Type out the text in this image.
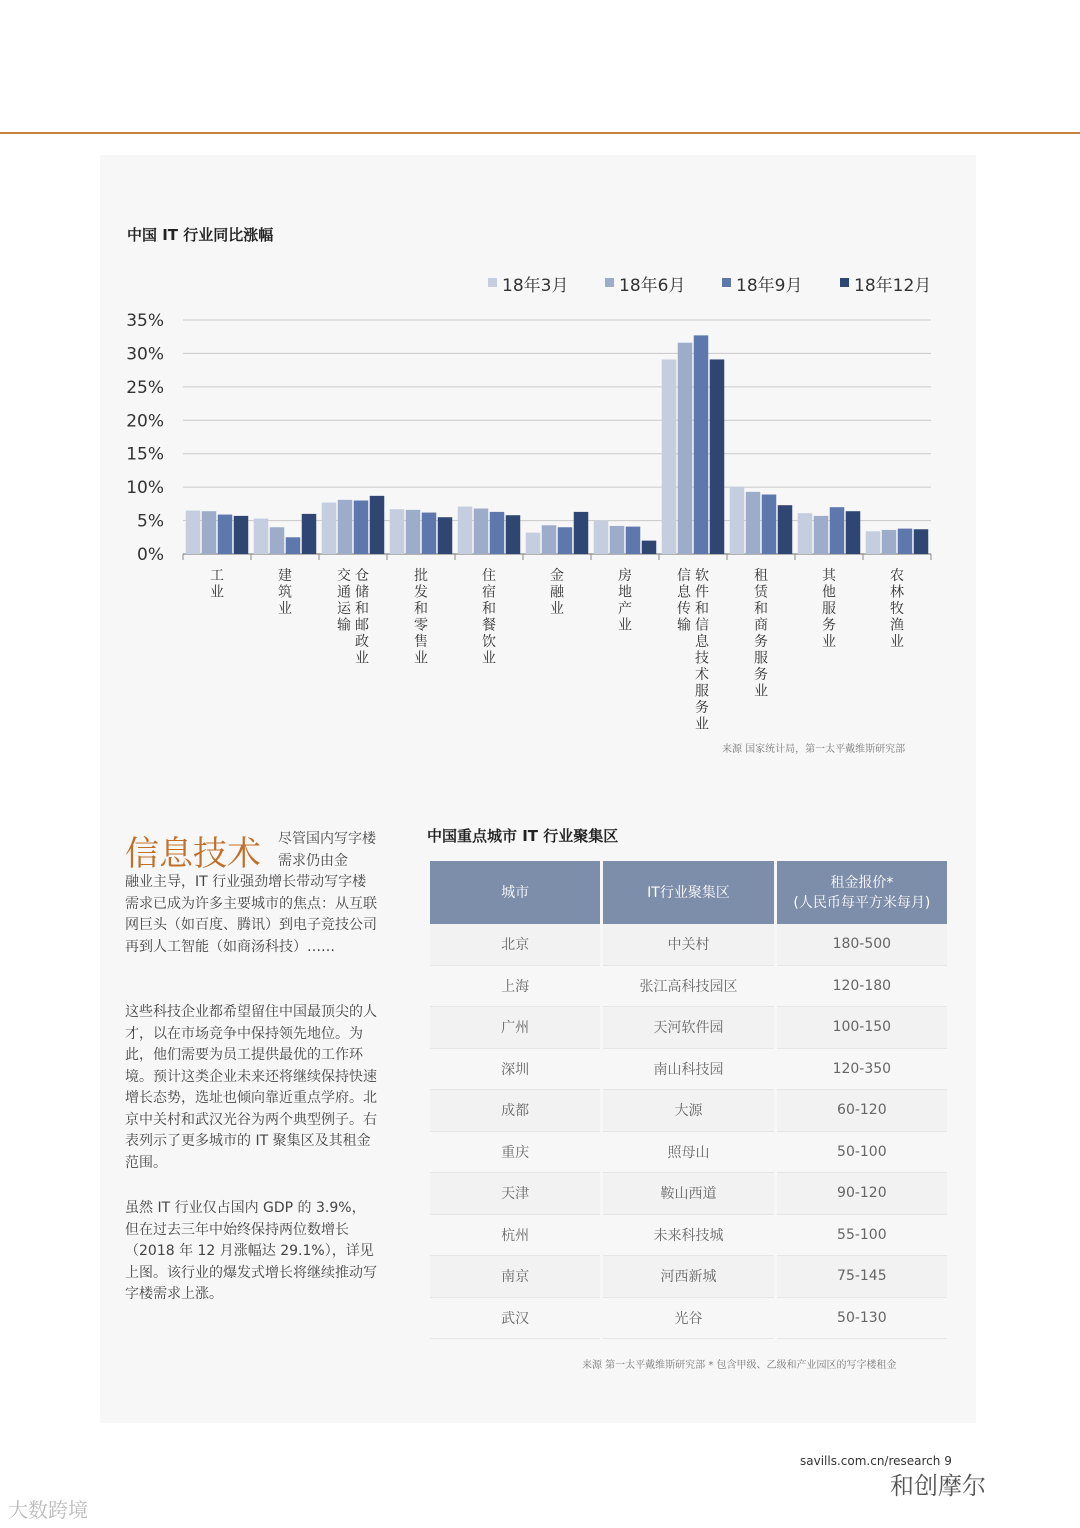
中国 IT 行业同比涨幅
0%
5%
10%
15%
20%
25%
30%
35%
18年3月	18年6月	18年9月	18年12月
工
业
建
筑
业
交
通
运
输
仓
储
和
邮
政
业
批
发
和
零
售
业
住
宿
和
餐
饮
业
金
融
业
房
地
产
业
信
息
传
输
软
件
和
信
息
技
术
服
务
业
租
赁
和
商
务
服
务
业
其
他
服
务
业
农
林
牧
渔
业
来源 国家统计局，第一太平戴维斯研究部
信息技术 尽管国内写字楼需求仍由金
融业主导，IT 行业强劲增长带动写字楼需求已成为许多主要城市的焦点：从互联网巨头（如百度、腾讯）到电子竞技公司再到人工智能（如商汤科技）……

这些科技企业都希望留住中国最顶尖的人才，以在市场竞争中保持领先地位。为此，他们需要为员工提供最优的工作环境。预计这类企业未来还将继续保持快速增长态势，选址也倾向靠近重点学府。北京中关村和武汉光谷为两个典型例子。右表列示了更多城市的 IT 聚集区及其租金范围。

虽然 IT 行业仅占国内 GDP 的 3.9%，但在过去三年中始终保持两位数增长（2018 年 12 月涨幅达 29.1%），详见上图。该行业的爆发式增长将继续推动写字楼需求上涨。

中国重点城市 IT 行业聚集区
城市	IT行业聚集区	租金报价*
(人民币每平方米每月)
北京	中关村	180-500
上海	张江高科技园区	120-180
广州	天河软件园	100-150
深圳	南山科技园	120-350
成都	大源	60-120
重庆	照母山	50-100
天津	鞍山西道	90-120
杭州	未来科技城	55-100
南京	河西新城	75-145
武汉	光谷	50-130
来源 第一太平戴维斯研究部 * 包含甲级、乙级和产业园区的写字楼租金
savills.com.cn/research 9
和创摩尔
大数跨境
